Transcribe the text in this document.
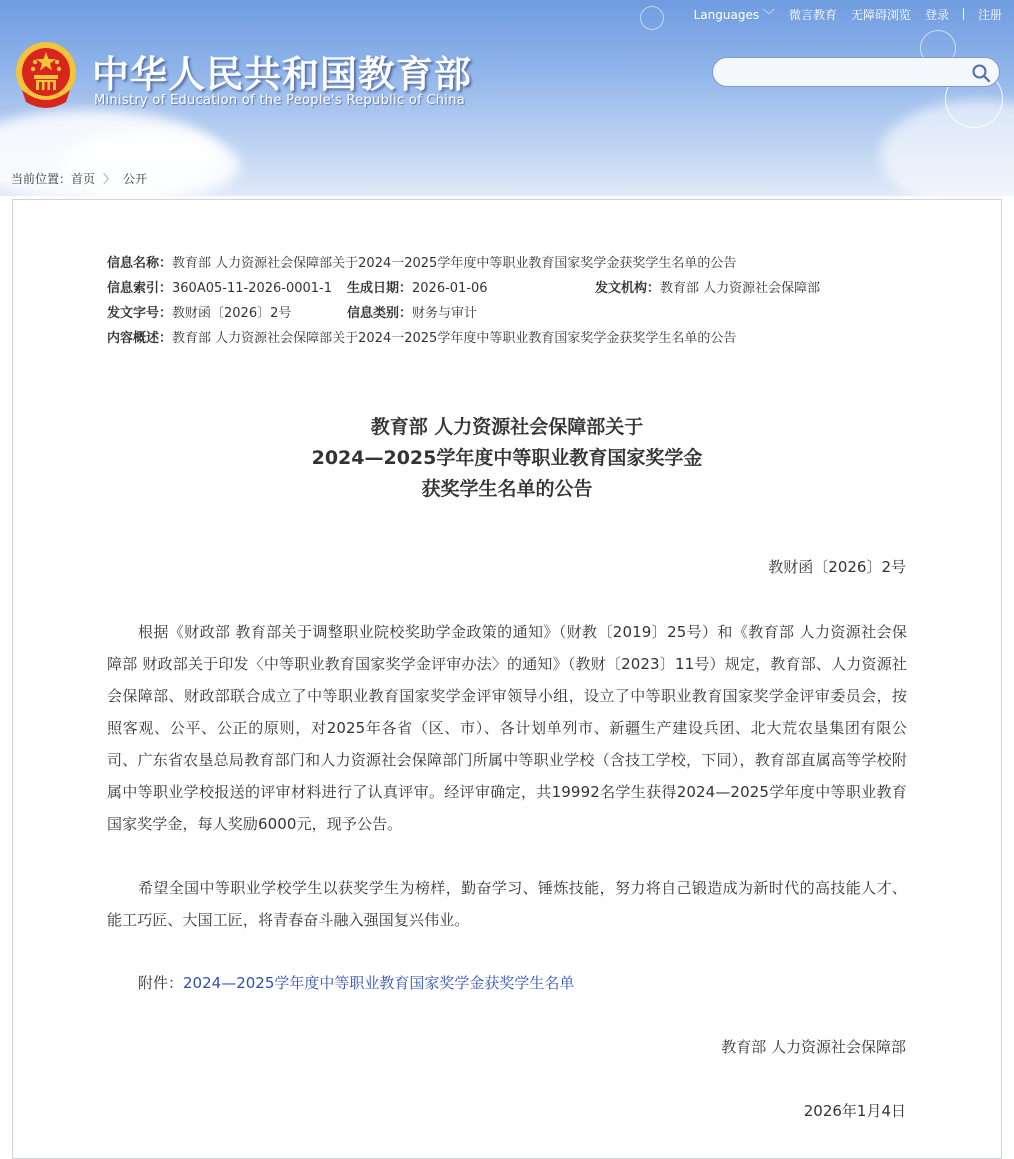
Languages ﹀ 微言教育 无障碍浏览 登录 注册
中华人民共和国教育部
Ministry of Education of the People's Republic of China
当前位置：首页 〉 公开
信息名称：教育部 人力资源社会保障部关于2024一2025学年度中等职业教育国家奖学金获奖学生名单的公告
信息索引：360A05-11-2026-0001-1 生成日期：2026-01-06	发文机构：教育部 人力资源社会保障部
发文字号：教财函〔2026〕2号	信息类别：财务与审计
内容概述：教育部 人力资源社会保障部关于2024一2025学年度中等职业教育国家奖学金获奖学生名单的公告
教育部 人力资源社会保障部关于
2024—2025学年度中等职业教育国家奖学金
获奖学生名单的公告
教财函〔2026〕2号
根据《财政部 教育部关于调整职业院校奖助学金政策的通知》（财教〔2019〕25号）和《教育部 人力资源社会保障部 财政部关于印发〈中等职业教育国家奖学金评审办法〉的通知》（教财〔2023〕11号）规定，教育部、人力资源社会保障部、财政部联合成立了中等职业教育国家奖学金评审领导小组，设立了中等职业教育国家奖学金评审委员会，按照客观、公平、公正的原则，对2025年各省（区、市）、各计划单列市、新疆生产建设兵团、北大荒农垦集团有限公司、广东省农垦总局教育部门和人力资源社会保障部门所属中等职业学校（含技工学校，下同），教育部直属高等学校附属中等职业学校报送的评审材料进行了认真评审。经评审确定，共19992名学生获得2024—2025学年度中等职业教育国家奖学金，每人奖励6000元，现予公告。
希望全国中等职业学校学生以获奖学生为榜样，勤奋学习、锤炼技能，努力将自己锻造成为新时代的高技能人才、能工巧匠、大国工匠，将青春奋斗融入强国复兴伟业。
附件：2024—2025学年度中等职业教育国家奖学金获奖学生名单
教育部 人力资源社会保障部
2026年1月4日
